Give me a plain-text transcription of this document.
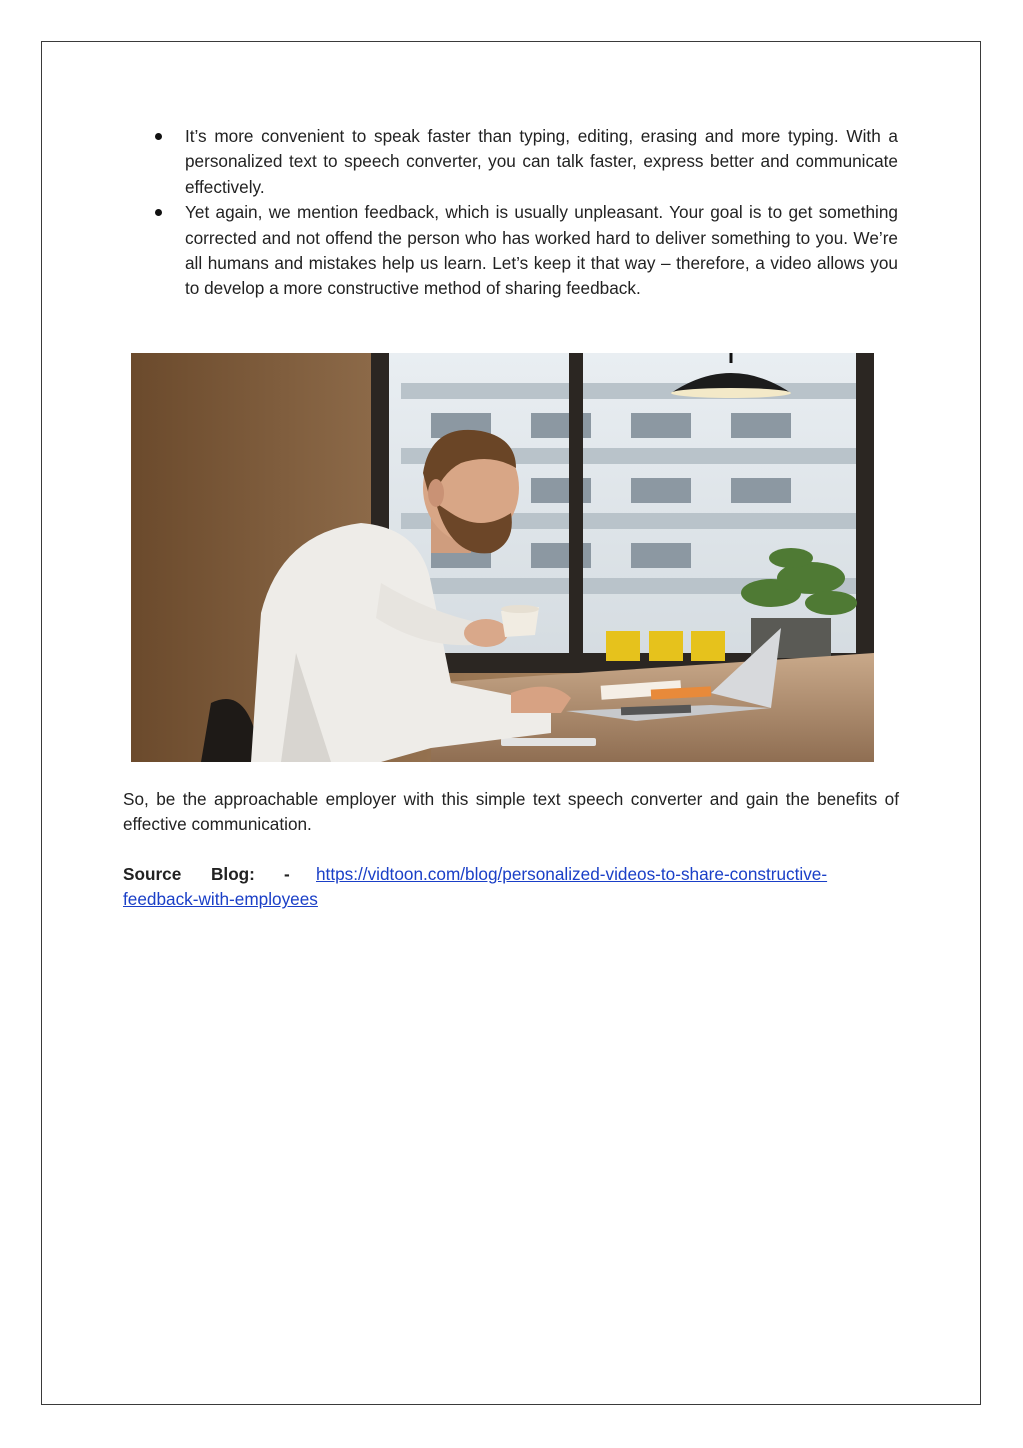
It’s more convenient to speak faster than typing, editing, erasing and more typing. With a personalized text to speech converter, you can talk faster, express better and communicate effectively.
Yet again, we mention feedback, which is usually unpleasant. Your goal is to get something corrected and not offend the person who has worked hard to deliver something to you. We’re all humans and mistakes help us learn. Let’s keep it that way – therefore, a video allows you to develop a more constructive method of sharing feedback.

So, be the approachable employer with this simple text speech converter and gain the benefits of effective communication.

Source Blog: - https://vidtoon.com/blog/personalized-videos-to-share-constructive-feedback-with-employees
